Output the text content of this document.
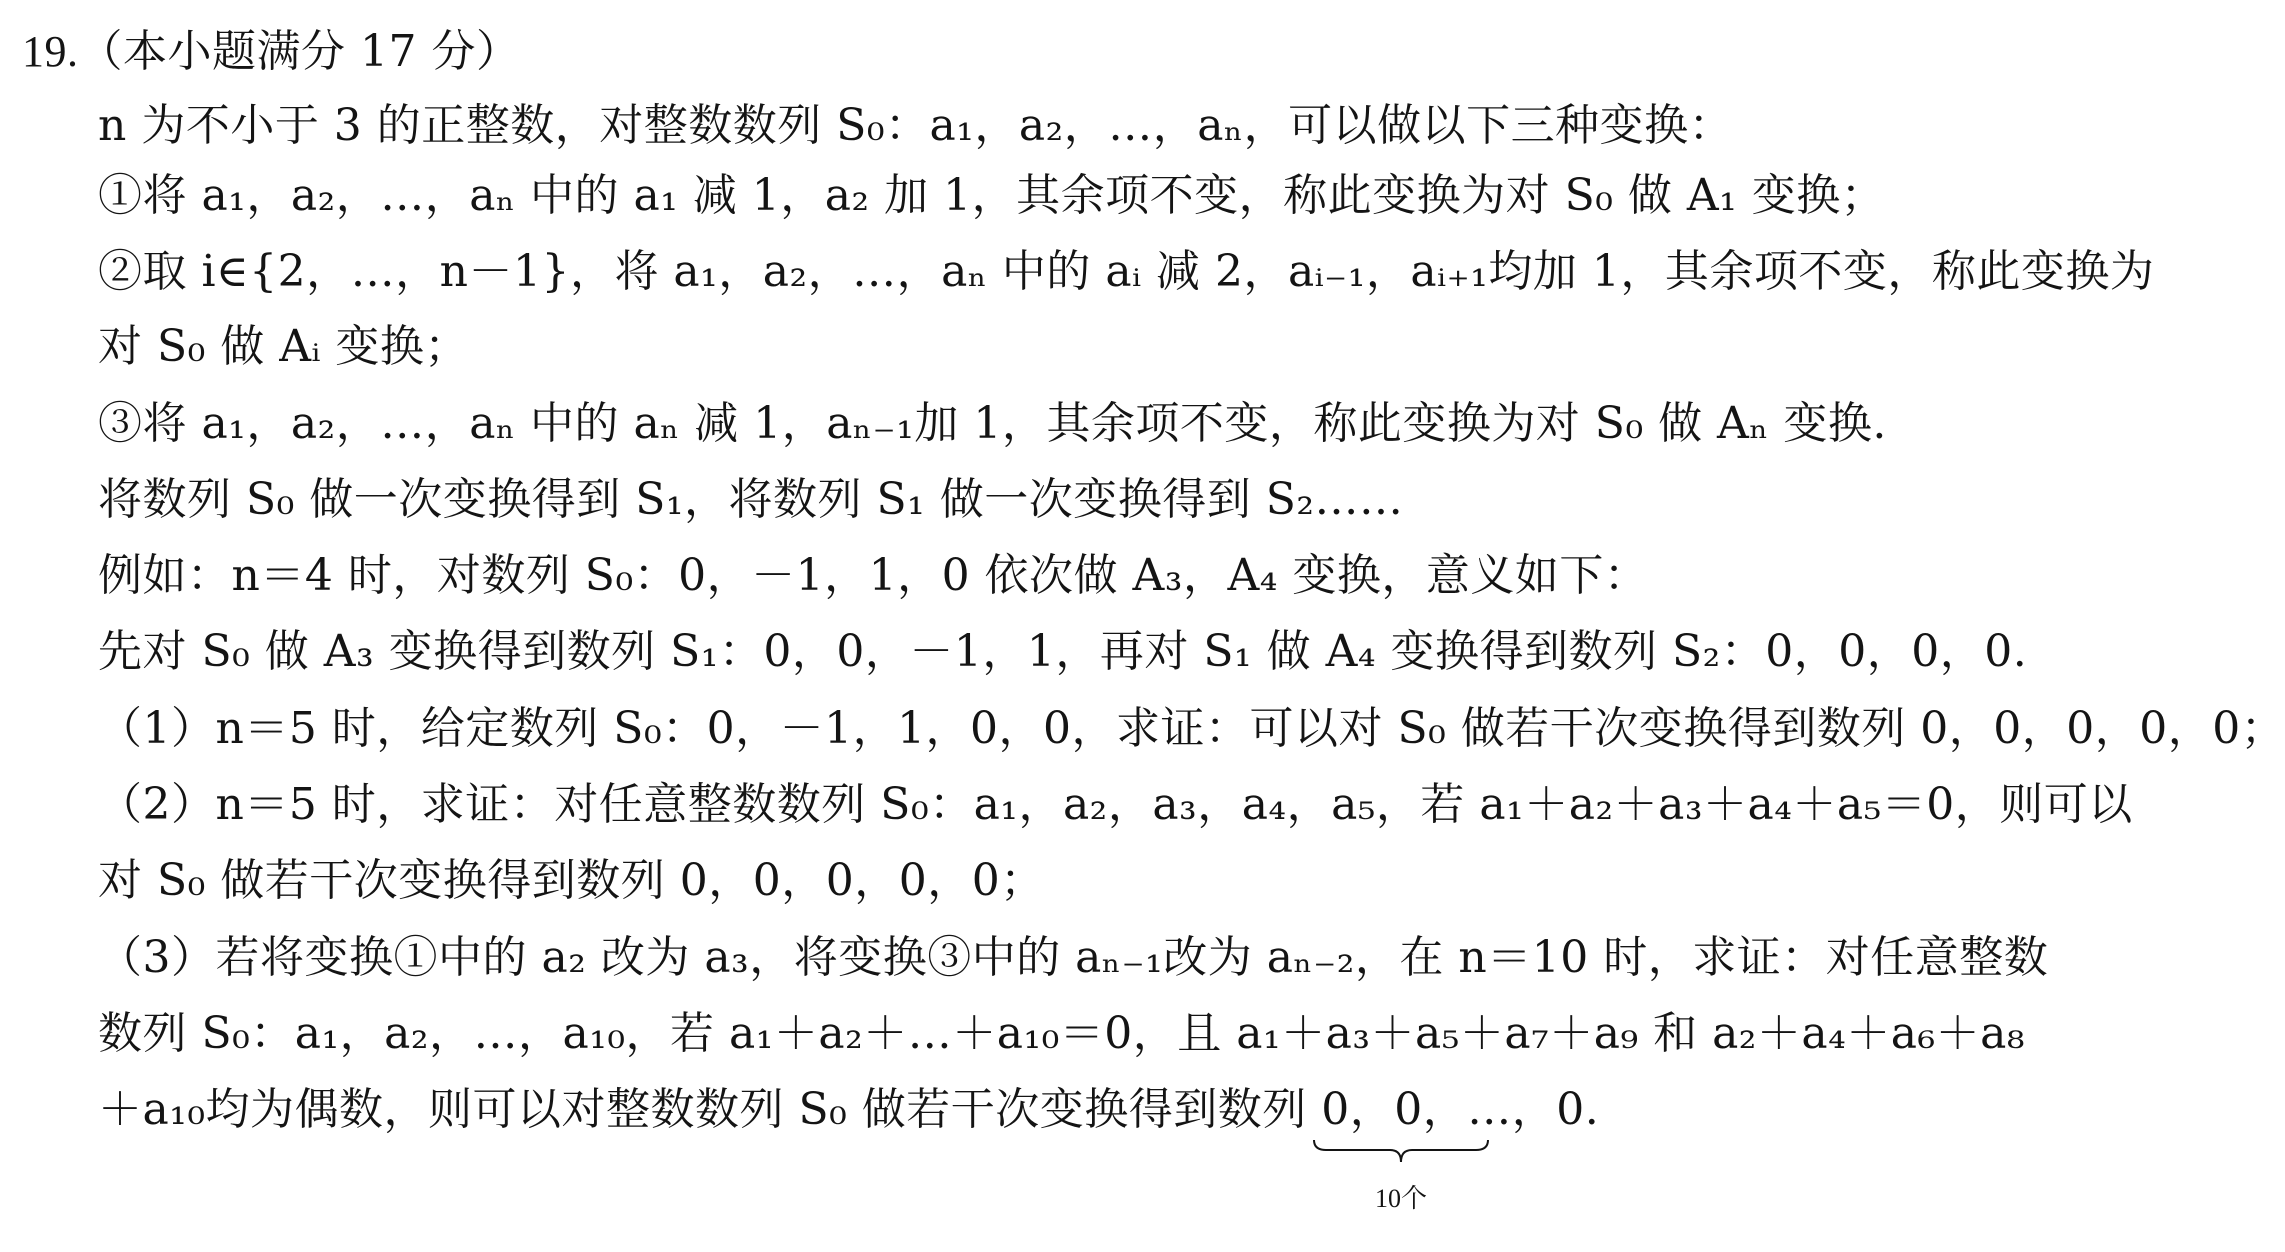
19.（本小题满分 17 分）
n 为不小于 3 的正整数，对整数数列 S₀：a₁，a₂，…，aₙ，可以做以下三种变换：
①将 a₁，a₂，…，aₙ 中的 a₁ 减 1，a₂ 加 1，其余项不变，称此变换为对 S₀ 做 A₁ 变换；
②取 i∈{2，…，n－1}，将 a₁，a₂，…，aₙ 中的 aᵢ 减 2，aᵢ₋₁，aᵢ₊₁均加 1，其余项不变，称此变换为
对 S₀ 做 Aᵢ 变换；
③将 a₁，a₂，…，aₙ 中的 aₙ 减 1，aₙ₋₁加 1，其余项不变，称此变换为对 S₀ 做 Aₙ 变换.
将数列 S₀ 做一次变换得到 S₁，将数列 S₁ 做一次变换得到 S₂……
例如：n＝4 时，对数列 S₀：0，－1，1，0 依次做 A₃，A₄ 变换，意义如下：
先对 S₀ 做 A₃ 变换得到数列 S₁：0，0，－1，1，再对 S₁ 做 A₄ 变换得到数列 S₂：0，0，0，0.
（1）n＝5 时，给定数列 S₀：0，－1，1，0，0，求证：可以对 S₀ 做若干次变换得到数列 0，0，0，0，0；
（2）n＝5 时，求证：对任意整数数列 S₀：a₁，a₂，a₃，a₄，a₅，若 a₁＋a₂＋a₃＋a₄＋a₅＝0，则可以
对 S₀ 做若干次变换得到数列 0，0，0，0，0；
（3）若将变换①中的 a₂ 改为 a₃，将变换③中的 aₙ₋₁改为 aₙ₋₂，在 n＝10 时，求证：对任意整数
数列 S₀：a₁，a₂，…，a₁₀，若 a₁＋a₂＋…＋a₁₀＝0，且 a₁＋a₃＋a₅＋a₇＋a₉ 和 a₂＋a₄＋a₆＋a₈
＋a₁₀均为偶数，则可以对整数数列 S₀ 做若干次变换得到数列 0，0，…，0.
10个
